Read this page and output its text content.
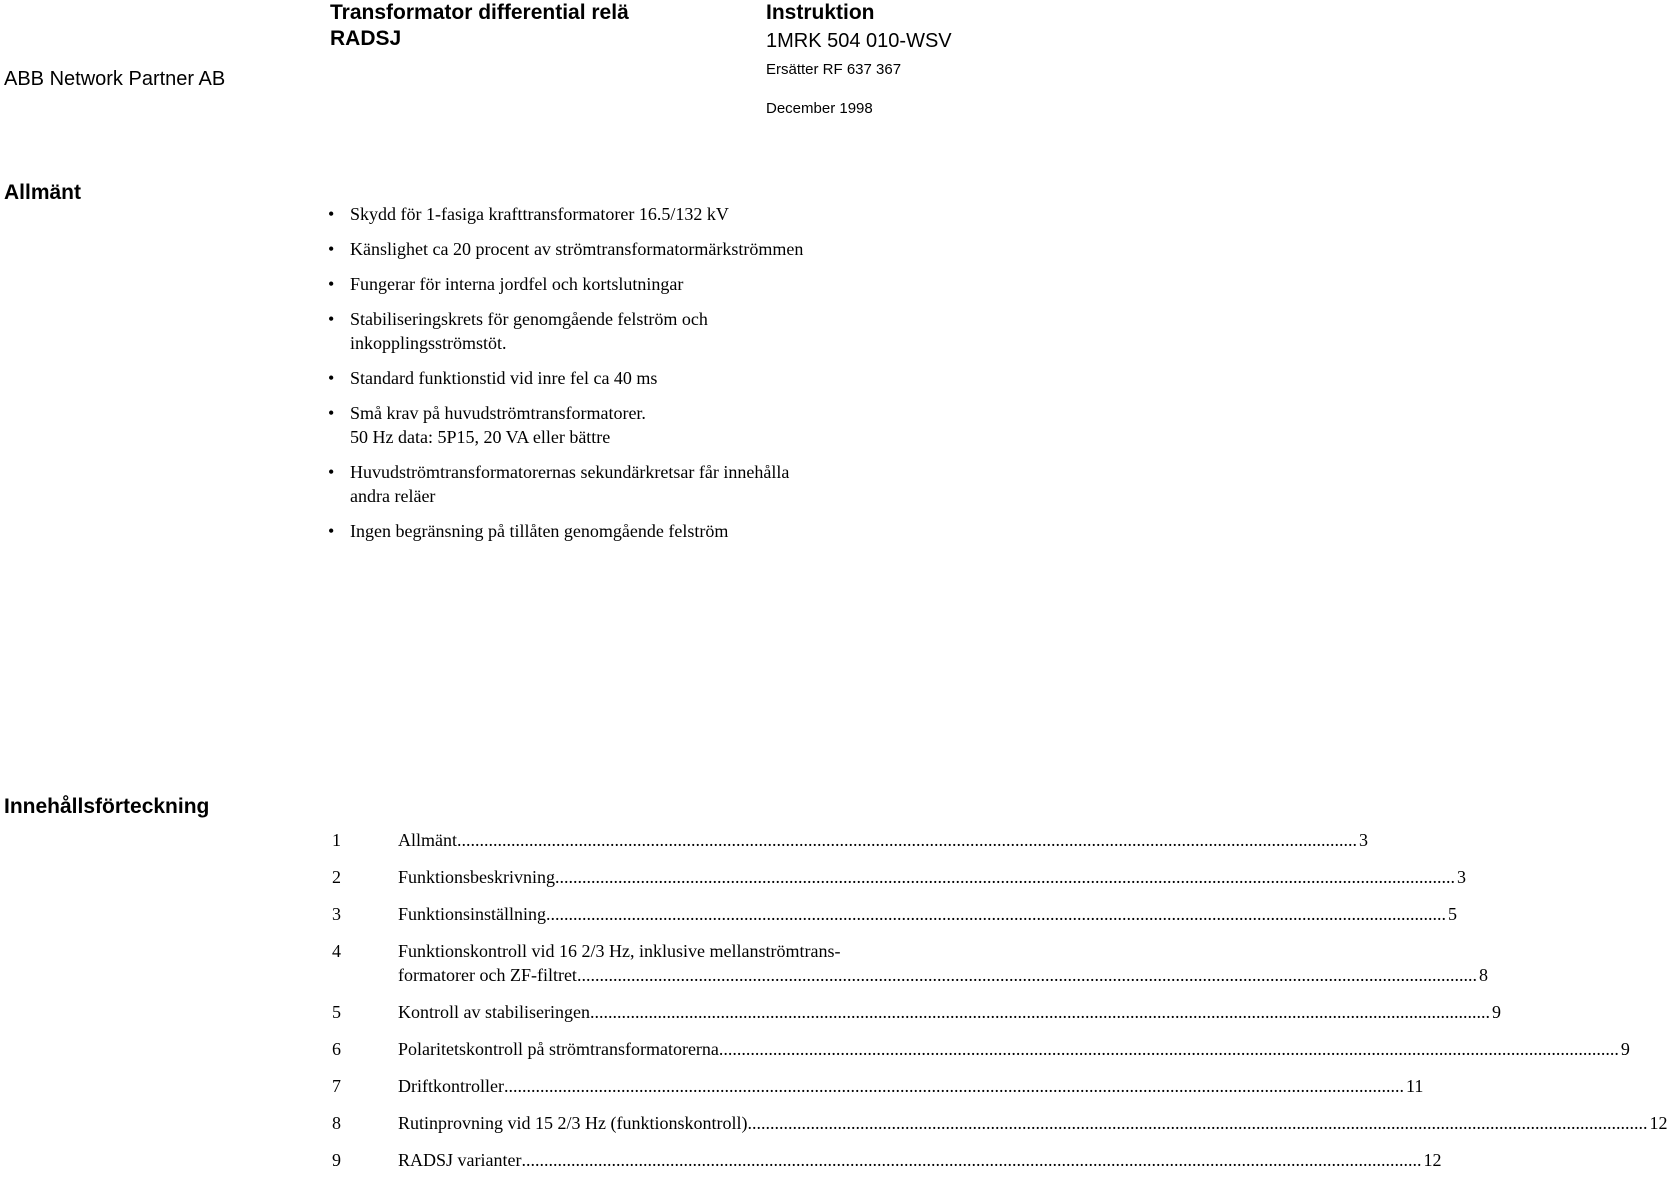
ABB Network Partner AB
Transformator differential relä
RADSJ
Instruktion
1MRK 504 010-WSV
Ersätter RF 637 367
December 1998
Allmänt
• Skydd för 1-fasiga krafttransformatorer 16.5/132 kV
• Känslighet ca 20 procent av strömtransformatormärkströmmen
• Fungerar för interna jordfel och kortslutningar
• Stabiliseringskrets för genomgående felström och
inkopplingsströmstöt.
• Standard funktionstid vid inre fel ca 40 ms
• Små krav på huvudströmtransformatorer.
50 Hz data: 5P15, 20 VA eller bättre
• Huvudströmtransformatorernas sekundärkretsar får innehålla
andra reläer
• Ingen begränsning på tillåten genomgående felström
Innehållsförteckning
1	Allmänt .....	3
2	Funktionsbeskrivning .....	3
3	Funktionsinställning .....	5
4	Funktionskontroll vid 16 2/3 Hz, inklusive mellanströmtrans-
formatorer och ZF-filtret .....	8
5	Kontroll av stabiliseringen .....	9
6	Polaritetskontroll på strömtransformatorerna .....	9
7	Driftkontroller .....	11
8	Rutinprovning vid 15 2/3 Hz (funktionskontroll) .....	12
9	RADSJ varianter .....	12
